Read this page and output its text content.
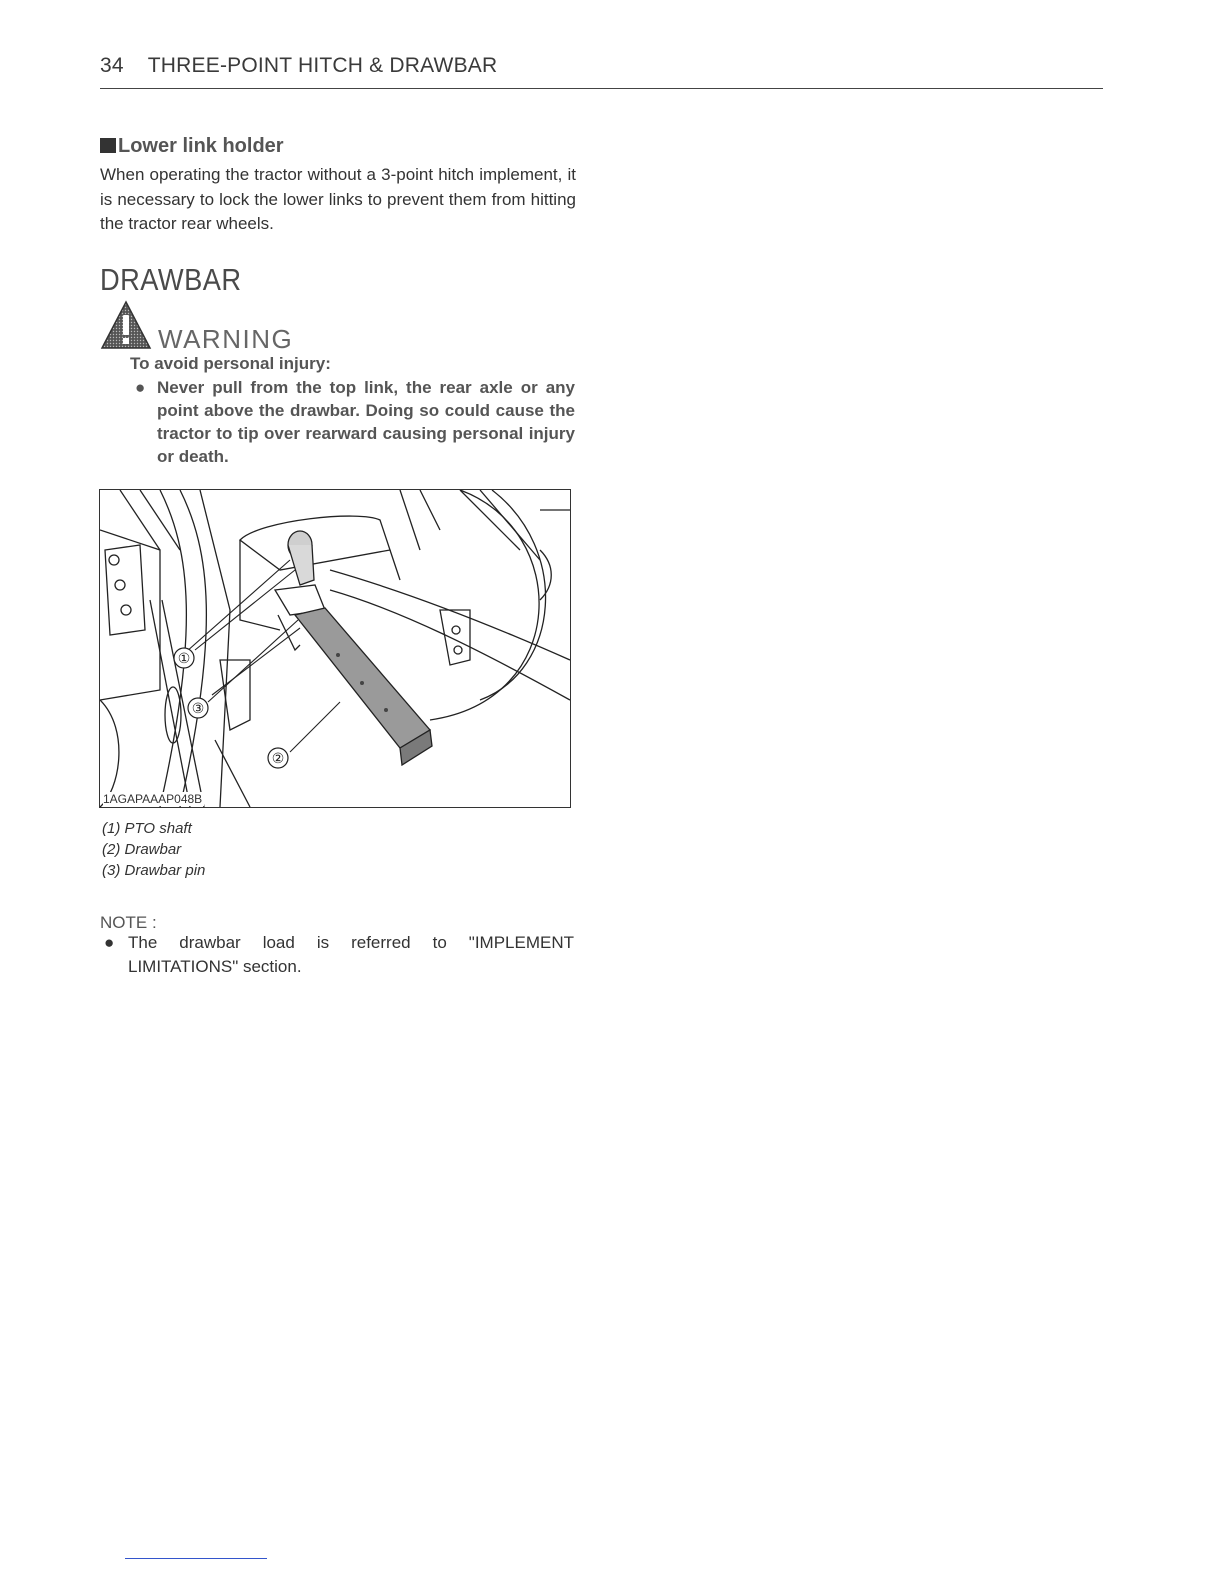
34 THREE-POINT HITCH & DRAWBAR
Lower link holder
When operating the tractor without a 3-point hitch implement, it is necessary to lock the lower links to prevent them from hitting the tractor rear wheels.
DRAWBAR
WARNING
To avoid personal injury:
● Never pull from the top link, the rear axle or any point above the drawbar. Doing so could cause the tractor to tip over rearward causing personal injury or death.
①
②
③
1AGAPAAAP048B
(1) PTO shaft
(2) Drawbar
(3) Drawbar pin
NOTE :
● The drawbar load is referred to "IMPLEMENT LIMITATIONS" section.
